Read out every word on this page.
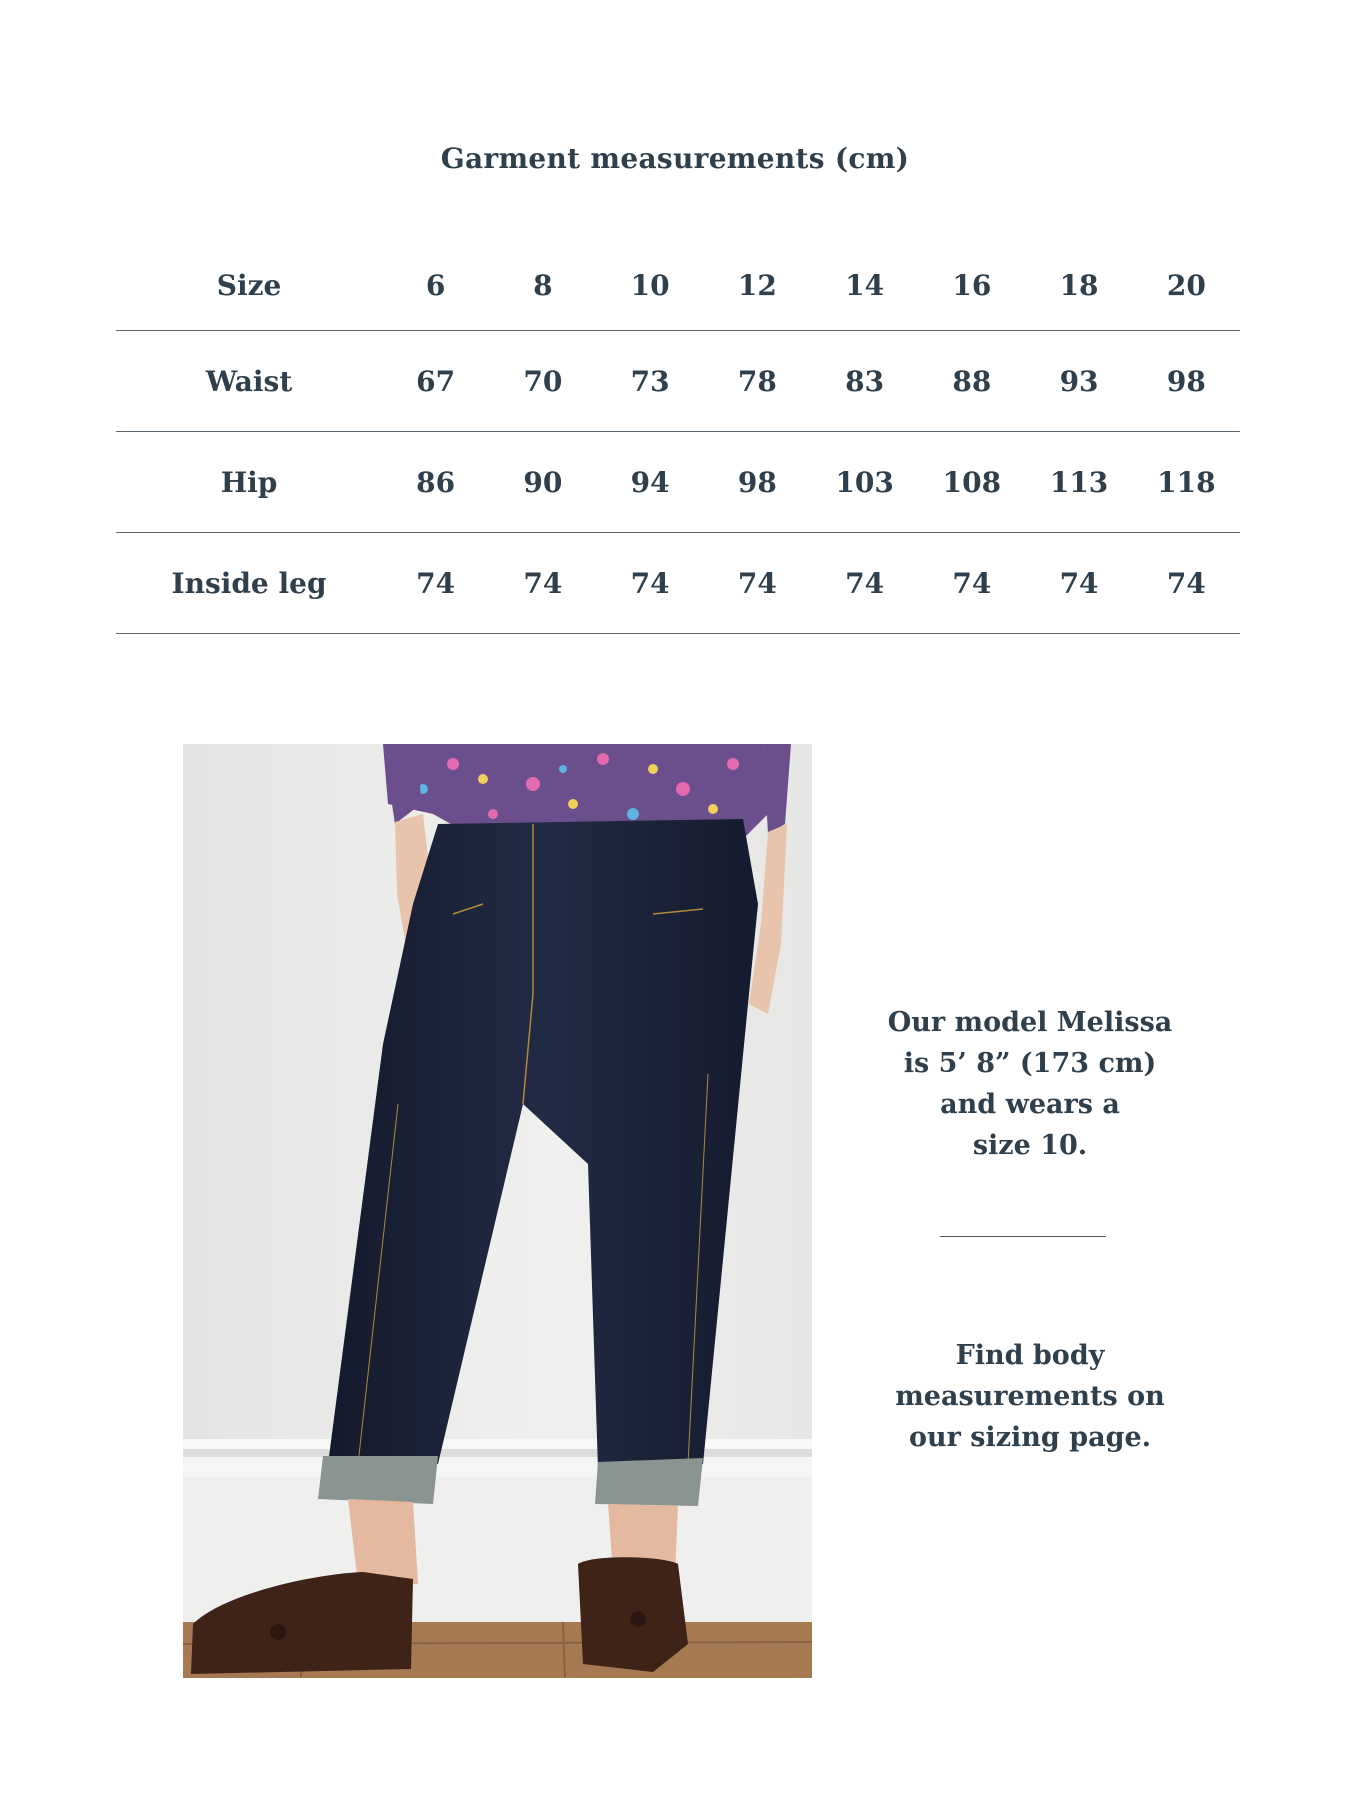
Garment measurements (cm)
Size	6	8	10	12	14	16	18	20
Waist	67	70	73	78	83	88	93	98
Hip	86	90	94	98	103	108	113	118
Inside leg	74	74	74	74	74	74	74	74
Our model Melissa
is 5’ 8” (173 cm)
and wears a
size 10.
Find body
measurements on
our sizing page.
